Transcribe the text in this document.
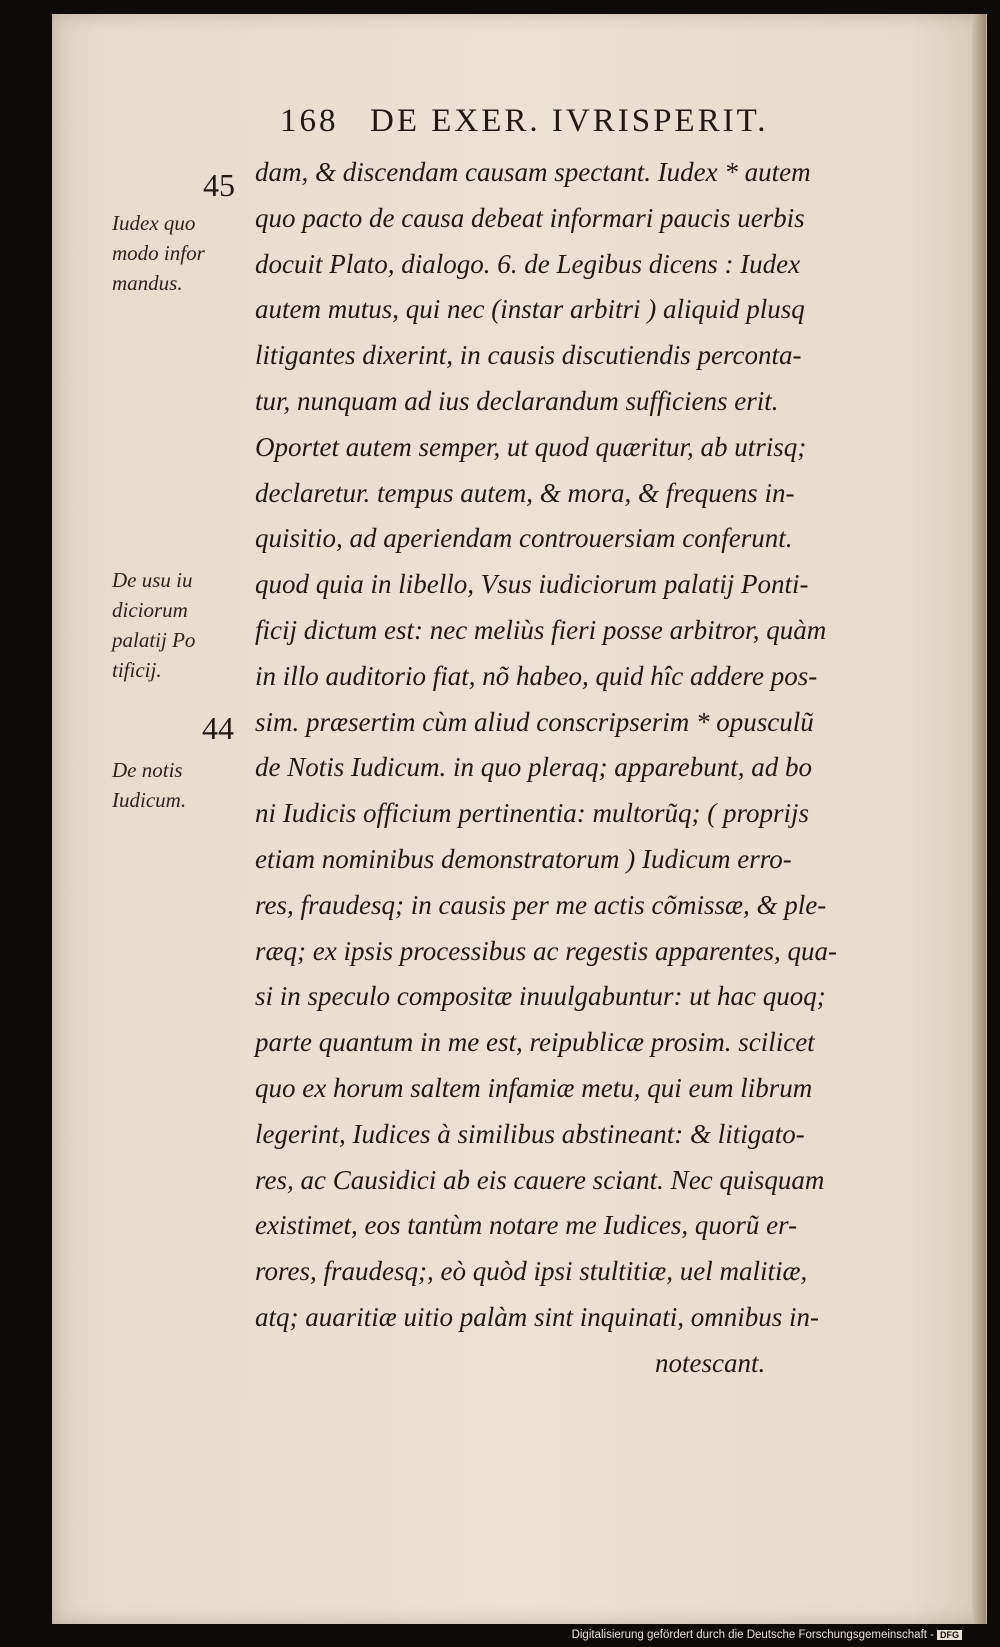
168 DE EXER. IVRISPERIT.
45
44
Iudex quo
modo infor
mandus.
De usu iu
diciorum
palatij Po
tificij.
De notis
Iudicum.
dam, & discendam causam spectant. Iudex * autem
quo pacto de causa debeat informari paucis uerbis
docuit Plato, dialogo. 6. de Legibus dicens : Iudex
autem mutus, qui nec (instar arbitri ) aliquid plusq
litigantes dixerint, in causis discutiendis perconta-
tur, nunquam ad ius declarandum sufficiens erit.
Oportet autem semper, ut quod quæritur, ab utrisq;
declaretur. tempus autem, & mora, & frequens in-
quisitio, ad aperiendam controuersiam conferunt.
quod quia in libello, Vsus iudiciorum palatij Ponti-
ficij dictum est: nec meliùs fieri posse arbitror, quàm
in illo auditorio fiat, nõ habeo, quid hîc addere pos-
sim. præsertim cùm aliud conscripserim * opusculũ
de Notis Iudicum. in quo pleraq; apparebunt, ad bo
ni Iudicis officium pertinentia: multorũq; ( proprijs
etiam nominibus demonstratorum ) Iudicum erro-
res, fraudesq; in causis per me actis cõmissæ, & ple-
ræq; ex ipsis processibus ac regestis apparentes, qua-
si in speculo compositæ inuulgabuntur: ut hac quoq;
parte quantum in me est, reipublicæ prosim. scilicet
quo ex horum saltem infamiæ metu, qui eum librum
legerint, Iudices à similibus abstineant: & litigato-
res, ac Causidici ab eis cauere sciant. Nec quisquam
existimet, eos tantùm notare me Iudices, quorũ er-
rores, fraudesq;, eò quòd ipsi stultitiæ, uel malitiæ,
atq; auaritiæ uitio palàm sint inquinati, omnibus in-
notescant.
Digitalisierung gefördert durch die Deutsche Forschungsgemeinschaft - DFG
